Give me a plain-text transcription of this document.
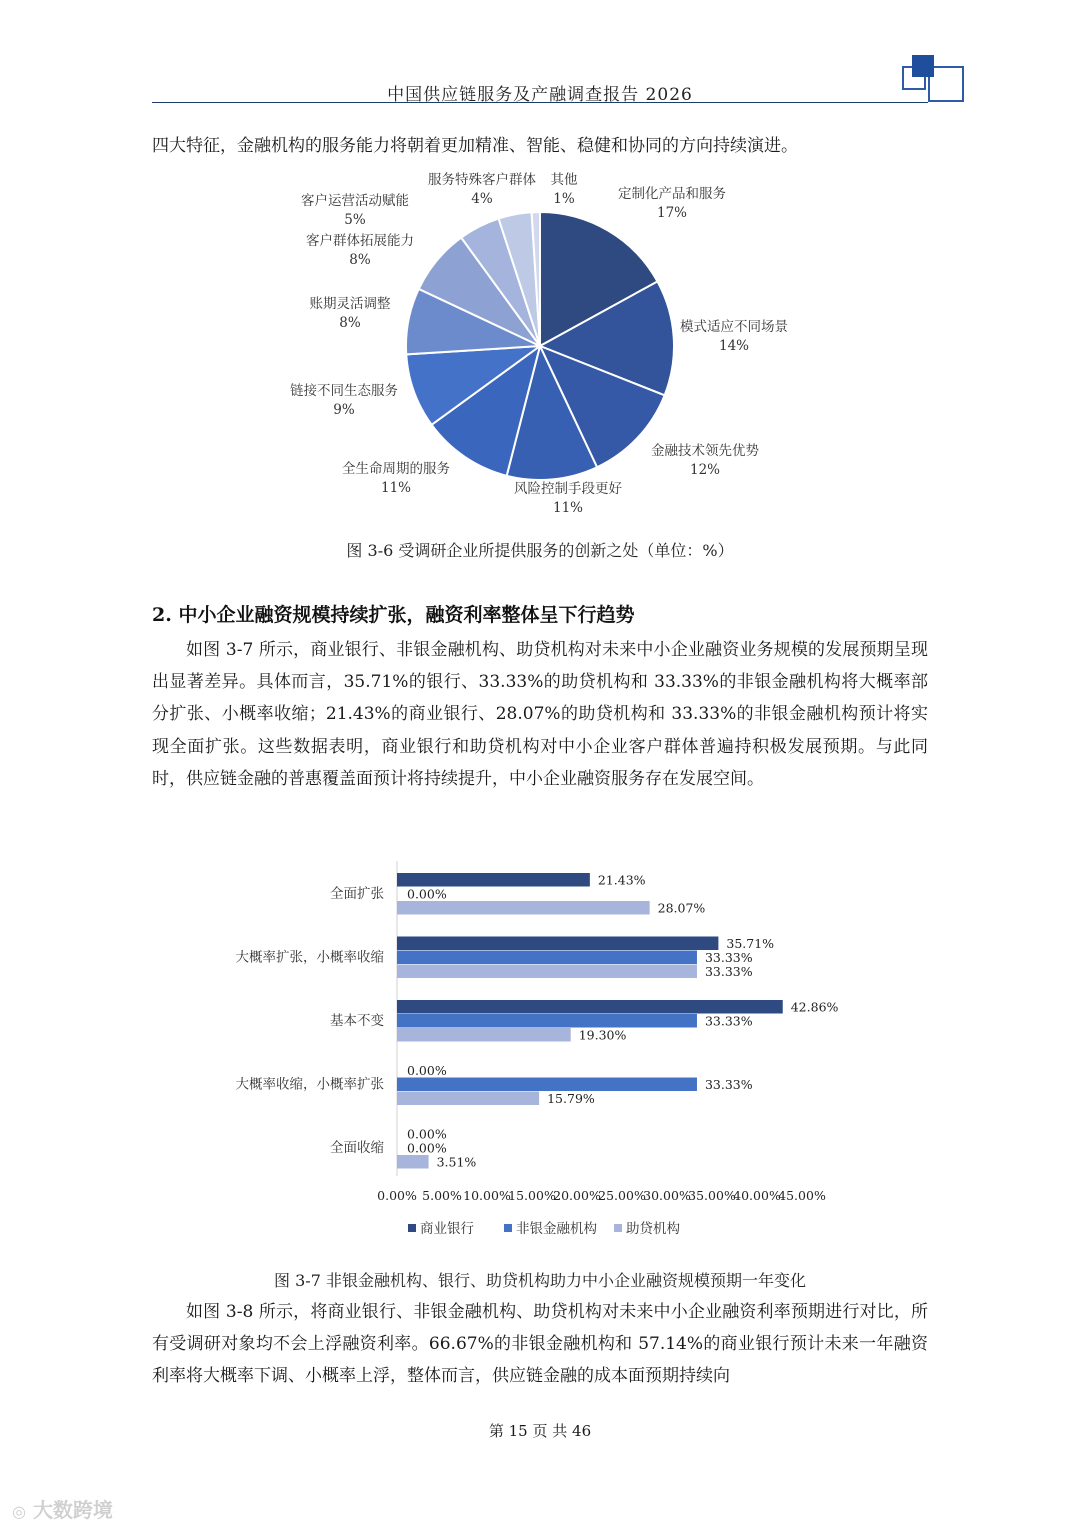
中国供应链服务及产融调查报告 2026

四大特征，金融机构的服务能力将朝着更加精准、智能、稳健和协同的方向持续演进。

定制化产品和服务
17%
模式适应不同场景
14%
金融技术领先优势
12%
风险控制手段更好
11%
全生命周期的服务
11%
链接不同生态服务
9%
账期灵活调整
8%
客户群体拓展能力
8%
客户运营活动赋能
5%
服务特殊客户群体
4%
其他
1%
图 3-6 受调研企业所提供服务的创新之处（单位：%）
2. 中小企业融资规模持续扩张，融资利率整体呈下行趋势

如图 3-7 所示，商业银行、非银金融机构、助贷机构对未来中小企业融资业务规模的发展预期呈现出显著差异。具体而言，35.71%的银行、33.33%的助贷机构和 33.33%的非银金融机构将大概率部分扩张、小概率收缩；21.43%的商业银行、28.07%的助贷机构和 33.33%的非银金融机构预计将实现全面扩张。这些数据表明，商业银行和助贷机构对中小企业客户群体普遍持积极发展预期。与此同时，供应链金融的普惠覆盖面预计将持续提升，中小企业融资服务存在发展空间。

全面扩张
大概率扩张，小概率收缩
基本不变
大概率收缩，小概率扩张
全面收缩
21.43%
0.00%
28.07%
35.71%
33.33%
33.33%
42.86%
33.33%
19.30%
0.00%
33.33%
15.79%
0.00%
0.00%
3.51%
0.00% 5.00% 10.00%
15.00%
20.00%
25.00%
30.00%
35.00%
40.00%
45.00%
商业银行	非银金融机构 助贷机构
图 3-7 非银金融机构、银行、助贷机构助力中小企业融资规模预期一年变化

如图 3-8 所示，将商业银行、非银金融机构、助贷机构对未来中小企业融资利率预期进行对比，所有受调研对象均不会上浮融资利率。66.67%的非银金融机构和 57.14%的商业银行预计未来一年融资利率将大概率下调、小概率上浮，整体而言，供应链金融的成本面预期持续向

第 15 页 共 46
◎ 大数跨境
